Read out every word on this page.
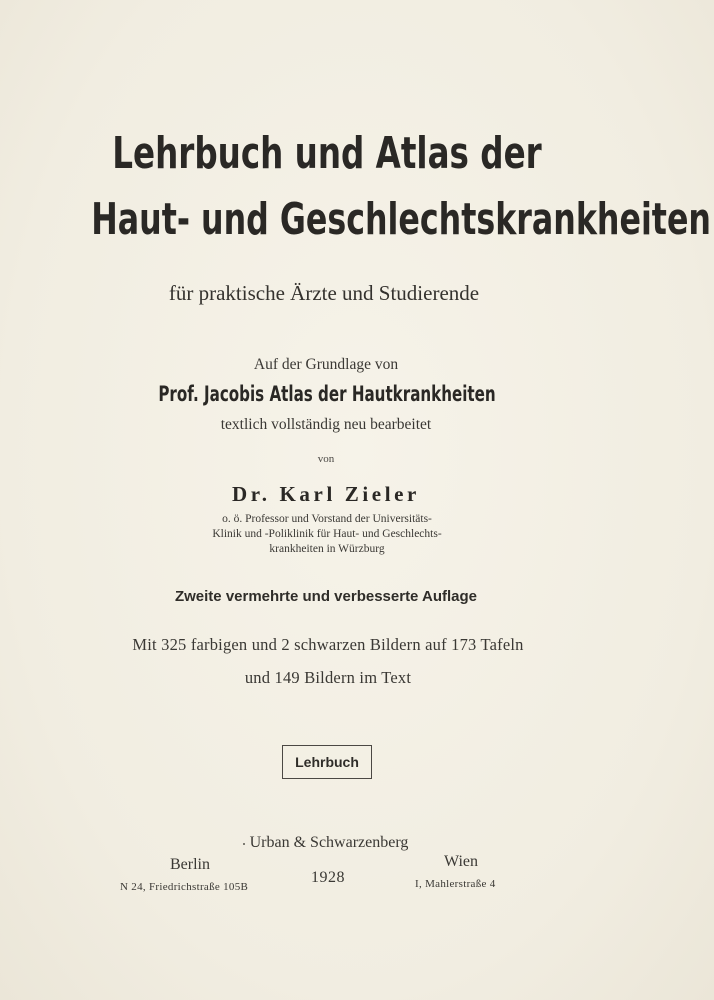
Lehrbuch und Atlas der
Haut- und Geschlechtskrankheiten
für praktische Ärzte und Studierende
Auf der Grundlage von
Prof. Jacobis Atlas der Hautkrankheiten
textlich vollständig neu bearbeitet
von
Dr. Karl Zieler
o. ö. Professor und Vorstand der Universitäts-
Klinik und -Poliklinik für Haut- und Geschlechts-
krankheiten in Würzburg
Zweite vermehrte und verbesserte Auflage
Mit 325 farbigen und 2 schwarzen Bildern auf 173 Tafeln
und 149 Bildern im Text
Lehrbuch
Urban & Schwarzenberg
Berlin	Wien
1928
N 24, Friedrichstraße 105B	I, Mahlerstraße 4
